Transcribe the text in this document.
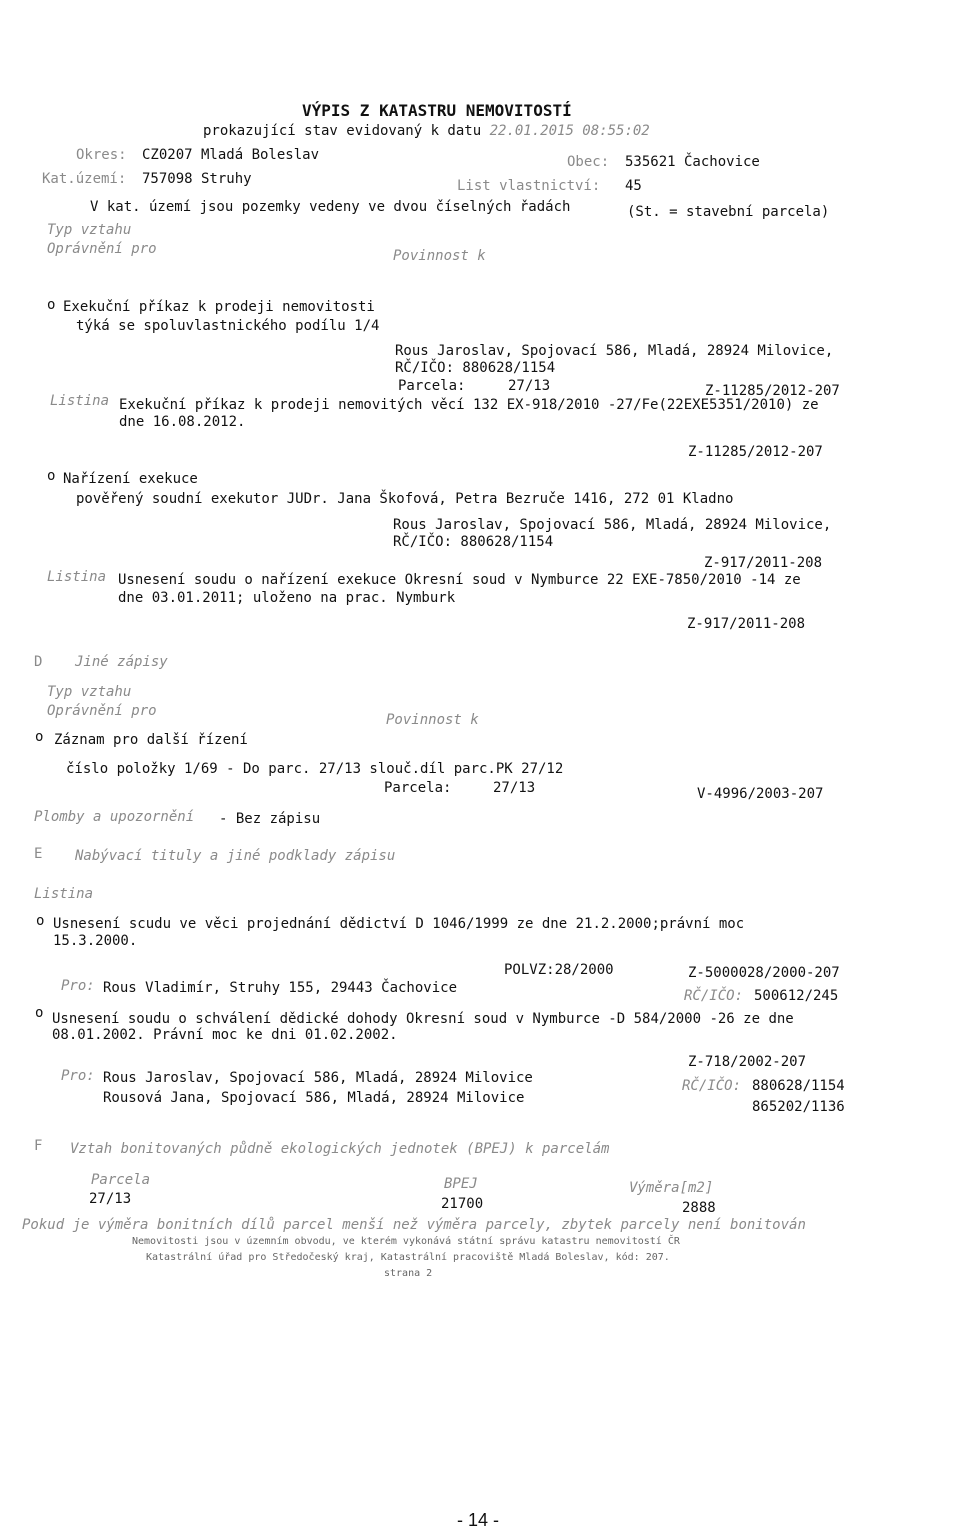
VÝPIS Z KATASTRU NEMOVITOSTÍ
prokazující stav evidovaný k datu 22.01.2015 08:55:02
Okres: CZ0207 Mladá Boleslav	Obec: 535621 Čachovice
Kat.území: 757098 Struhy	List vlastnictví: 45
V kat. území jsou pozemky vedeny ve dvou číselných řadách	(St. = stavební parcela)
Typ vztahu
Oprávnění pro	Povinnost k
o Exekuční příkaz k prodeji nemovitosti
týká se spoluvlastnického podílu 1/4
Rous Jaroslav, Spojovací 586, Mladá, 28924 Milovice,
RČ/IČO: 880628/1154
Parcela:	27/13	Z-11285/2012-207
Listina Exekuční příkaz k prodeji nemovitých věcí 132 EX-918/2010 -27/Fe(22EXE5351/2010) ze
dne 16.08.2012.
Z-11285/2012-207
o Nařízení exekuce
pověřený soudní exekutor JUDr. Jana Škofová, Petra Bezruče 1416, 272 01 Kladno
Rous Jaroslav, Spojovací 586, Mladá, 28924 Milovice,
RČ/IČO: 880628/1154
Z-917/2011-208
Listina Usnesení soudu o nařízení exekuce Okresní soud v Nymburce 22 EXE-7850/2010 -14 ze
dne 03.01.2011; uloženo na prac. Nymburk
Z-917/2011-208
D Jiné zápisy
Typ vztahu
Oprávnění pro
Povinnost k
o Záznam pro další řízení
číslo položky 1/69 - Do parc. 27/13 slouč.díl parc.PK 27/12
Parcela:	27/13	V-4996/2003-207
Plomby a upozornění - Bez zápisu
E Nabývací tituly a jiné podklady zápisu
Listina
o Usnesení scudu ve věci projednání dědictví D 1046/1999 ze dne 21.2.2000;právní moc
15.3.2000.
POLVZ:28/2000	Z-5000028/2000-207
Pro: Rous Vladimír, Struhy 155, 29443 Čachovice	RČ/IČO: 500612/245
o Usnesení soudu o schválení dědické dohody Okresní soud v Nymburce -D 584/2000 -26 ze dne
08.01.2002. Právní moc ke dni 01.02.2002.
Z-718/2002-207
Pro: Rous Jaroslav, Spojovací 586, Mladá, 28924 Milovice	RČ/IČO: 880628/1154
Rousová Jana, Spojovací 586, Mladá, 28924 Milovice
865202/1136
F Vztah bonitovaných půdně ekologických jednotek (BPEJ) k parcelám
Parcela	BPEJ	Výměra[m2]
27/13	21700	2888
Pokud je výměra bonitních dílů parcel menší než výměra parcely, zbytek parcely není bonitován
Nemovitosti jsou v územním obvodu, ve kterém vykonává státní správu katastru nemovitostí ČR
Katastrální úřad pro Středočeský kraj, Katastrální pracoviště Mladá Boleslav, kód: 207.
strana 2
- 14 -
